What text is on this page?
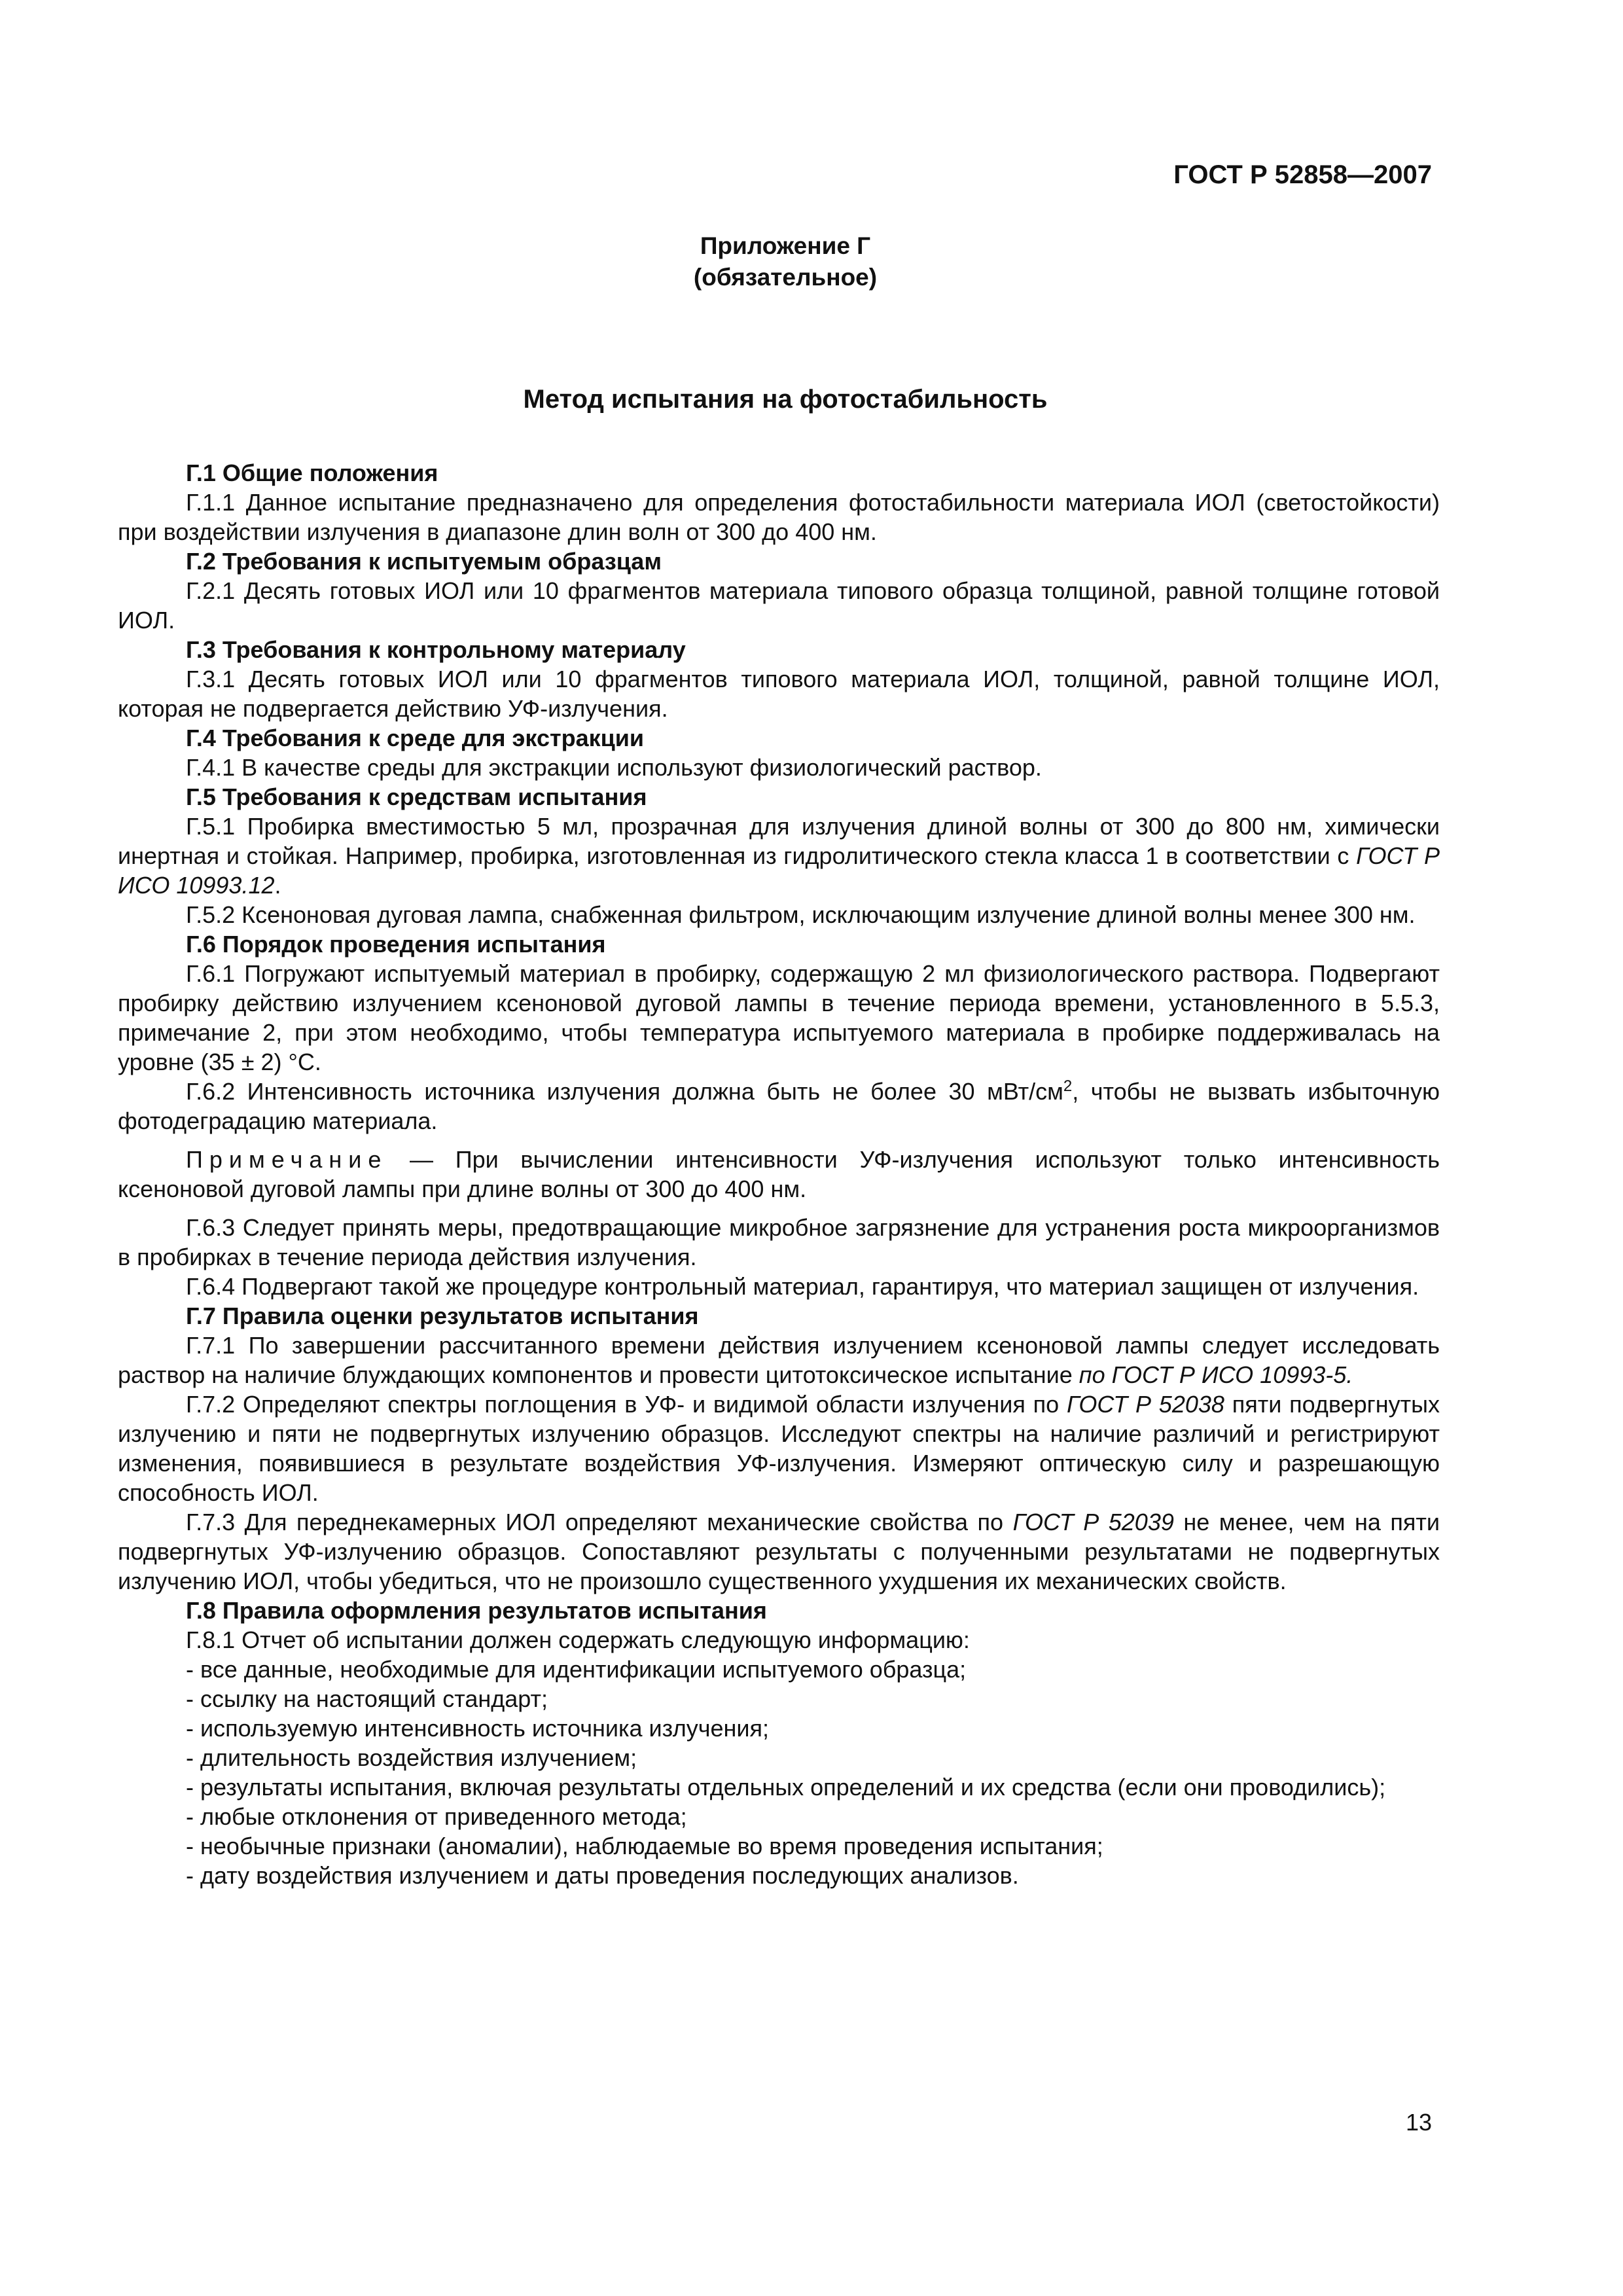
ГОСТ Р 52858—2007
Приложение Г
(обязательное)
Метод испытания на фотостабильность

Г.1 Общие положения

Г.1.1 Данное испытание предназначено для определения фотостабильности материала ИОЛ (светостойкости) при воздействии излучения в диапазоне длин волн от 300 до 400 нм.

Г.2 Требования к испытуемым образцам

Г.2.1 Десять готовых ИОЛ или 10 фрагментов материала типового образца толщиной, равной толщине готовой ИОЛ.

Г.3 Требования к контрольному материалу

Г.3.1 Десять готовых ИОЛ или 10 фрагментов типового материала ИОЛ, толщиной, равной толщине ИОЛ, которая не подвергается действию УФ-излучения.

Г.4 Требования к среде для экстракции

Г.4.1 В качестве среды для экстракции используют физиологический раствор.

Г.5 Требования к средствам испытания

Г.5.1 Пробирка вместимостью 5 мл, прозрачная для излучения длиной волны от 300 до 800 нм, химически инертная и стойкая. Например, пробирка, изготовленная из гидролитического стекла класса 1 в соответствии с ГОСТ Р ИСО 10993.12.

Г.5.2 Ксеноновая дуговая лампа, снабженная фильтром, исключающим излучение длиной волны менее 300 нм.

Г.6 Порядок проведения испытания

Г.6.1 Погружают испытуемый материал в пробирку, содержащую 2 мл физиологического раствора. Подвергают пробирку действию излучением ксеноновой дуговой лампы в течение периода времени, установленного в 5.5.3, примечание 2, при этом необходимо, чтобы температура испытуемого материала в пробирке поддерживалась на уровне (35 ± 2) °С.

Г.6.2 Интенсивность источника излучения должна быть не более 30 мВт/$см^2$, чтобы не вызвать избыточную фотодеградацию материала.

Примечание — При вычислении интенсивности УФ-излучения используют только интенсивность ксеноновой дуговой лампы при длине волны от 300 до 400 нм.

Г.6.3 Следует принять меры, предотвращающие микробное загрязнение для устранения роста микроорганизмов в пробирках в течение периода действия излучения.

Г.6.4 Подвергают такой же процедуре контрольный материал, гарантируя, что материал защищен от излучения.

Г.7 Правила оценки результатов испытания

Г.7.1 По завершении рассчитанного времени действия излучением ксеноновой лампы следует исследовать раствор на наличие блуждающих компонентов и провести цитотоксическое испытание по ГОСТ Р ИСО 10993-5.

Г.7.2 Определяют спектры поглощения в УФ- и видимой области излучения по ГОСТ Р 52038 пяти подвергнутых излучению и пяти не подвергнутых излучению образцов. Исследуют спектры на наличие различий и регистрируют изменения, появившиеся в результате воздействия УФ-излучения. Измеряют оптическую силу и разрешающую способность ИОЛ.

Г.7.3 Для переднекамерных ИОЛ определяют механические свойства по ГОСТ Р 52039 не менее, чем на пяти подвергнутых УФ-излучению образцов. Сопоставляют результаты с полученными результатами не подвергнутых излучению ИОЛ, чтобы убедиться, что не произошло существенного ухудшения их механических свойств.

Г.8 Правила оформления результатов испытания

Г.8.1 Отчет об испытании должен содержать следующую информацию:

- все данные, необходимые для идентификации испытуемого образца;

- ссылку на настоящий стандарт;

- используемую интенсивность источника излучения;

- длительность воздействия излучением;

- результаты испытания, включая результаты отдельных определений и их средства (если они проводились);

- любые отклонения от приведенного метода;

- необычные признаки (аномалии), наблюдаемые во время проведения испытания;

- дату воздействия излучением и даты проведения последующих анализов.

13
